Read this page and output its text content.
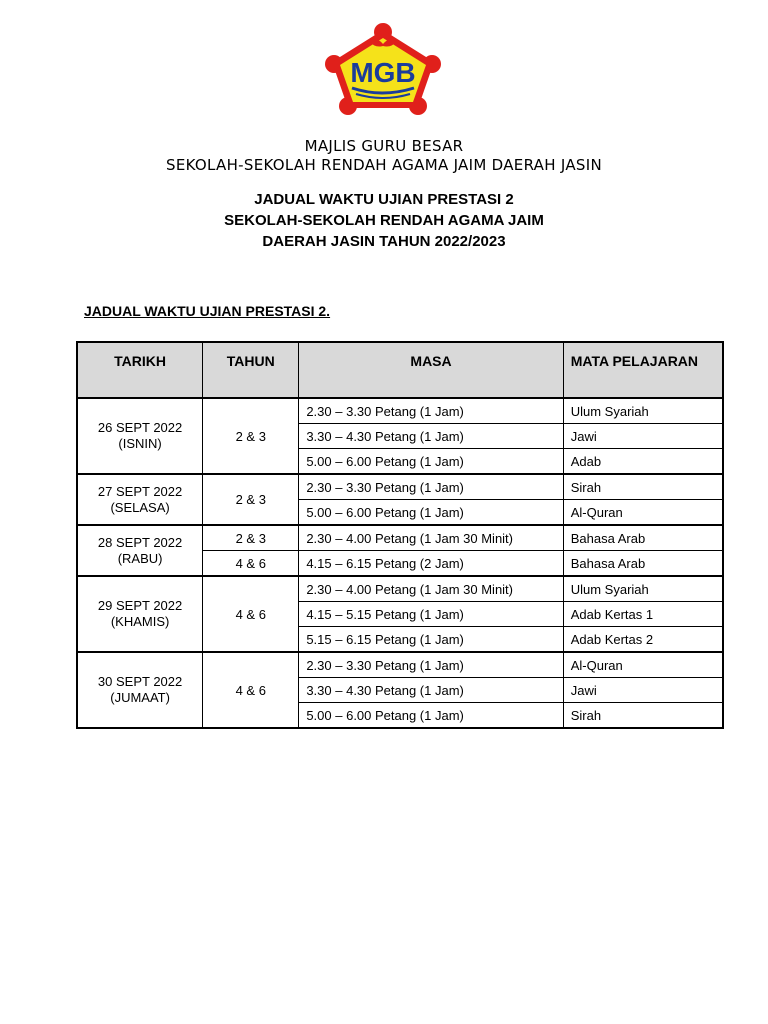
MGB
MAJLIS GURU BESAR
SEKOLAH-SEKOLAH RENDAH AGAMA JAIM DAERAH JASIN
JADUAL WAKTU UJIAN PRESTASI 2
SEKOLAH-SEKOLAH RENDAH AGAMA JAIM
DAERAH JASIN TAHUN 2022/2023
JADUAL WAKTU UJIAN PRESTASI 2.
TARIKH	TAHUN	MASA	MATA PELAJARAN

26 SEPT 2022
(ISNIN)	2 & 3	2.30 – 3.30 Petang (1 Jam)	Ulum Syariah
		3.30 – 4.30 Petang (1 Jam)	Jawi
		5.00 – 6.00 Petang (1 Jam)	Adab

27 SEPT 2022
(SELASA)	2 & 3	2.30 – 3.30 Petang (1 Jam)	Sirah
		5.00 – 6.00 Petang (1 Jam)	Al-Quran

28 SEPT 2022
(RABU)	2 & 3	2.30 – 4.00 Petang (1 Jam 30 Minit)	Bahasa Arab
	4 & 6	4.15 – 6.15 Petang (2 Jam)	Bahasa Arab

29 SEPT 2022
(KHAMIS)	4 & 6	2.30 – 4.00 Petang (1 Jam 30 Minit)	Ulum Syariah
		4.15 – 5.15 Petang (1 Jam)	Adab Kertas 1
		5.15 – 6.15 Petang (1 Jam)	Adab Kertas 2

30 SEPT 2022
(JUMAAT)	4 & 6	2.30 – 3.30 Petang (1 Jam)	Al-Quran
		3.30 – 4.30 Petang (1 Jam)	Jawi
		5.00 – 6.00 Petang (1 Jam)	Sirah
